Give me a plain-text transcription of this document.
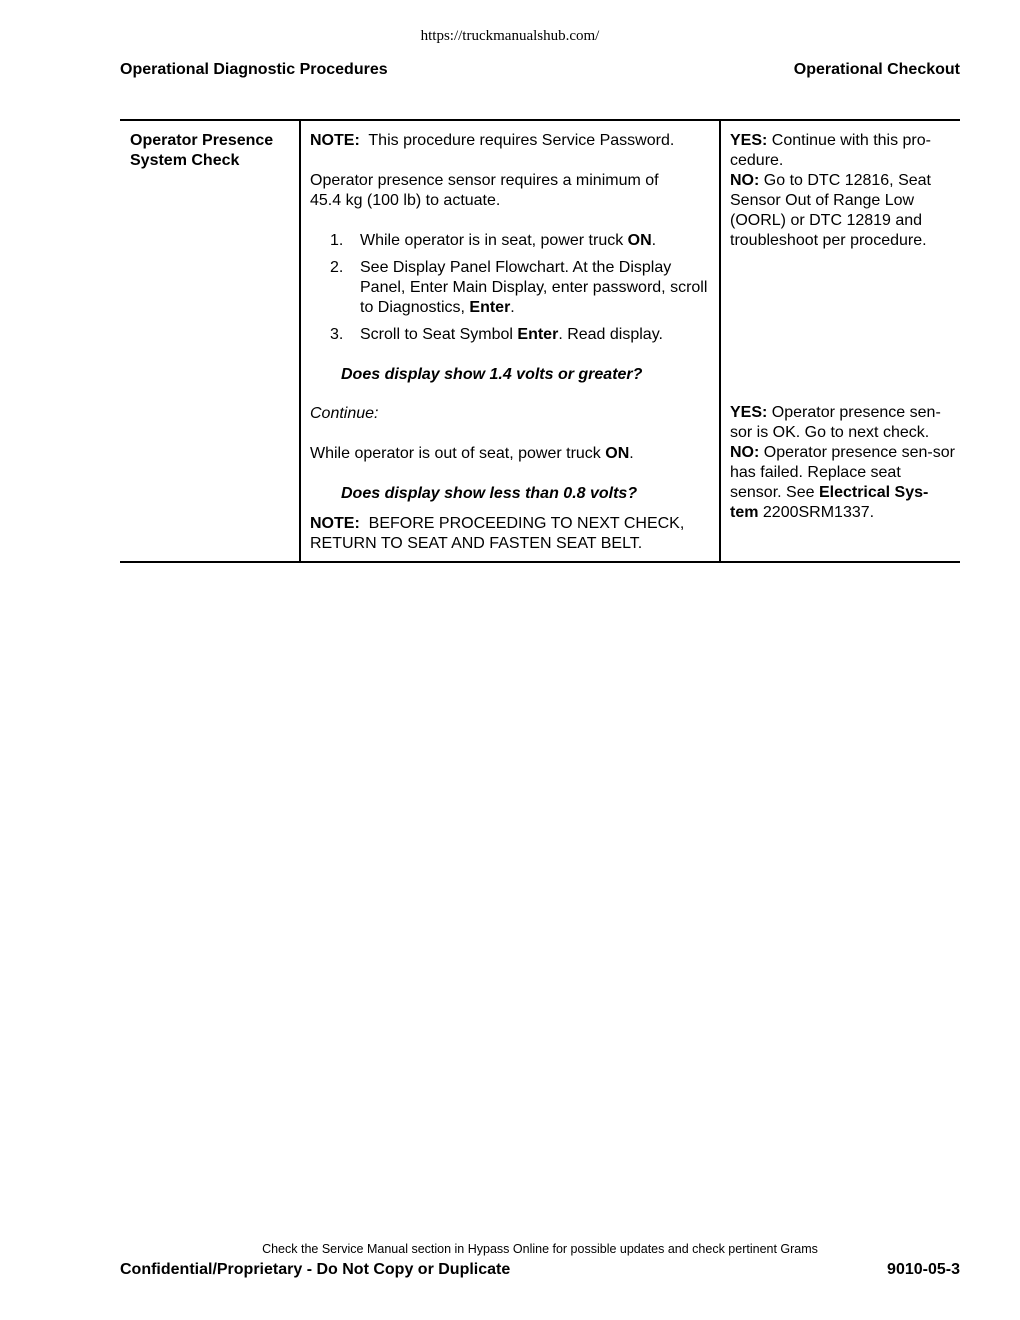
https://truckmanualshub.com/
Operational Diagnostic Procedures	Operational Checkout
Operator Presence
System Check

NOTE: This procedure requires Service Password.

Operator presence sensor requires a minimum of
45.4 kg (100 lb) to actuate.

1. While operator is in seat, power truck ON.
2. See Display Panel Flowchart. At the Display Panel, Enter Main Display, enter password, scroll to Diagnostics, Enter.
3. Scroll to Seat Symbol Enter. Read display.

Does display show 1.4 volts or greater?

Continue:

While operator is out of seat, power truck ON.

Does display show less than 0.8 volts?

NOTE: BEFORE PROCEEDING TO NEXT CHECK,
RETURN TO SEAT AND FASTEN SEAT BELT.

YES: Continue with this pro-cedure.

NO: Go to DTC 12816, Seat Sensor Out of Range Low (OORL) or DTC 12819 and troubleshoot per procedure.

YES: Operator presence sen-sor is OK. Go to next check.

NO: Operator presence sen-sor has failed. Replace seat sensor. See Electrical Sys-tem 2200SRM1337.

Check the Service Manual section in Hypass Online for possible updates and check pertinent Grams
Confidential/Proprietary - Do Not Copy or Duplicate	9010-05-3
